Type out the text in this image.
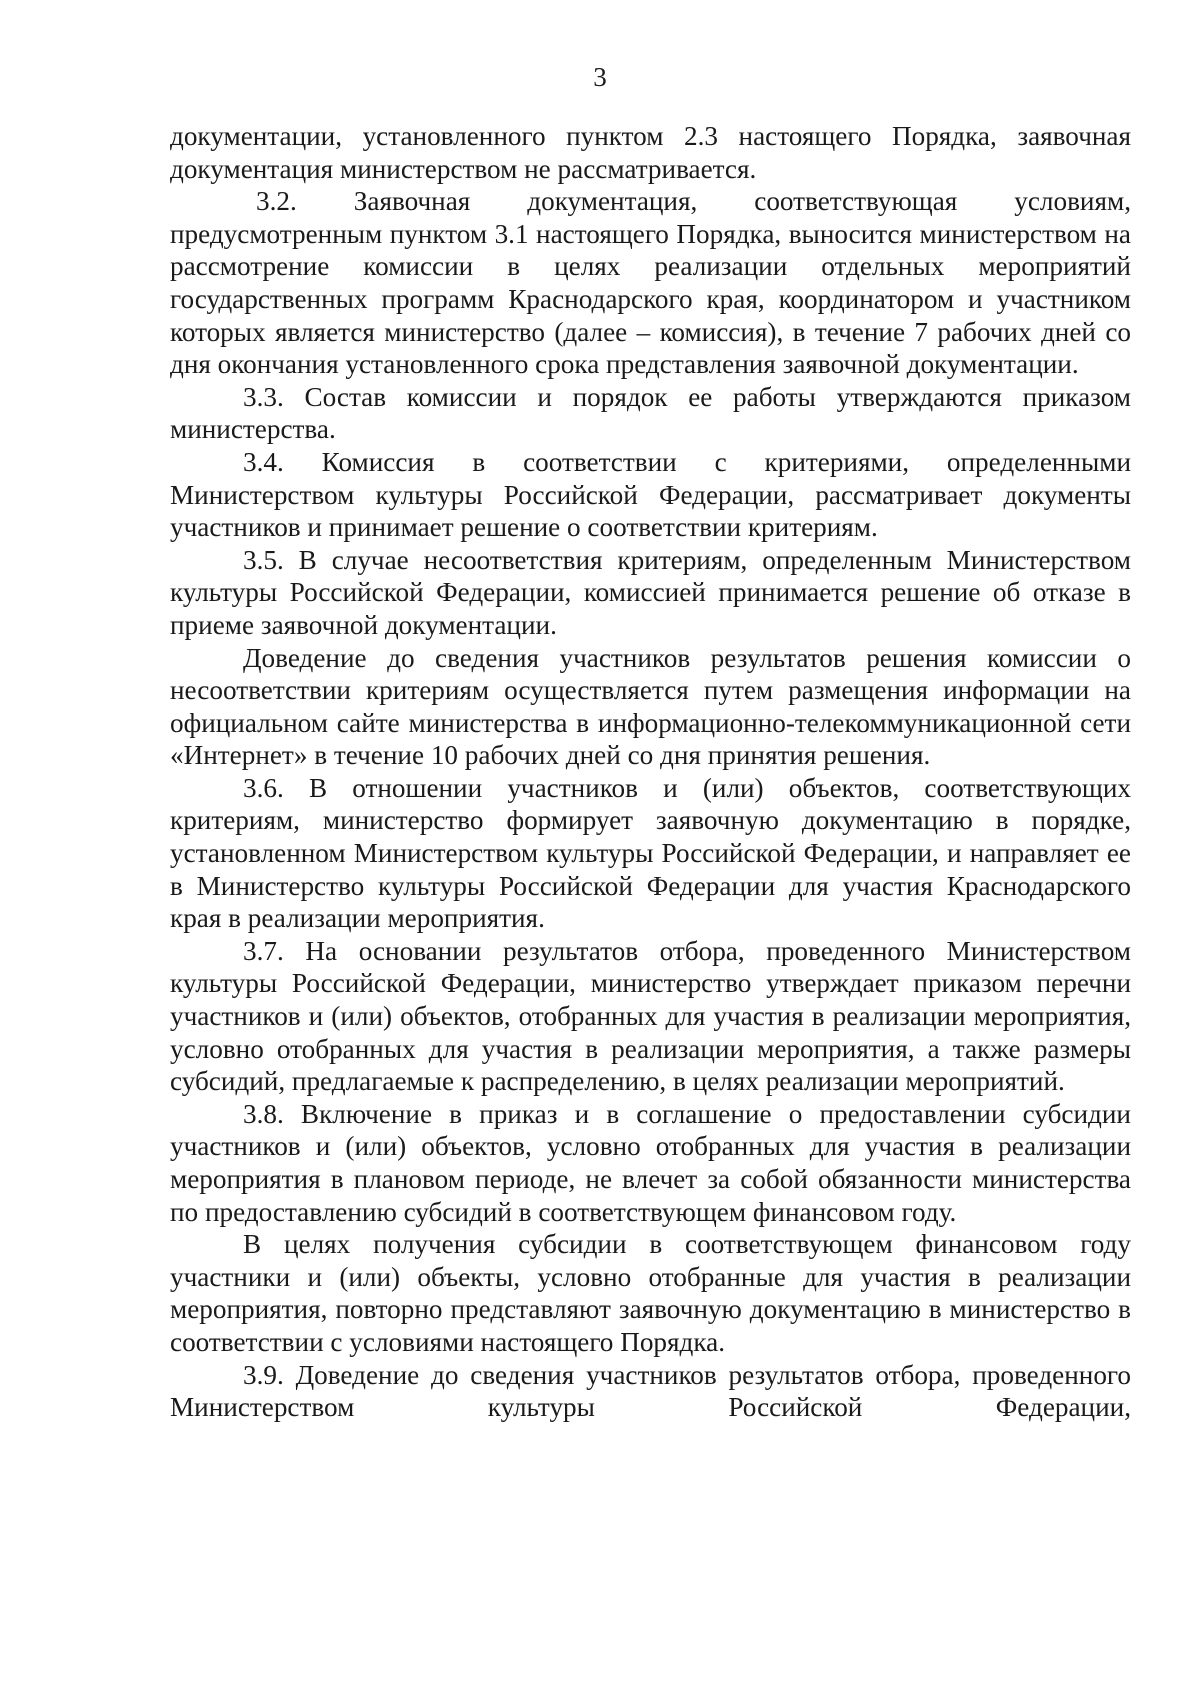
3

документации, установленного пунктом 2.3 настоящего Порядка, заявочная документация министерством не рассматривается.

3.2. Заявочная документация, соответствующая условиям, предусмотренным пунктом 3.1 настоящего Порядка, выносится министерством на рассмотрение комиссии в целях реализации отдельных мероприятий государственных программ Краснодарского края, координатором и участником которых является министерство (далее – комиссия), в течение 7 рабочих дней со дня окончания установленного срока представления заявочной документации.

3.3. Состав комиссии и порядок ее работы утверждаются приказом министерства.

3.4. Комиссия в соответствии с критериями, определенными Министерством культуры Российской Федерации, рассматривает документы участников и принимает решение о соответствии критериям.

3.5. В случае несоответствия критериям, определенным Министерством культуры Российской Федерации, комиссией принимается решение об отказе в приеме заявочной документации.

Доведение до сведения участников результатов решения комиссии о несоответствии критериям осуществляется путем размещения информации на официальном сайте министерства в информационно-телекоммуникационной сети «Интернет» в течение 10 рабочих дней со дня принятия решения.

3.6. В отношении участников и (или) объектов, соответствующих критериям, министерство формирует заявочную документацию в порядке, установленном Министерством культуры Российской Федерации, и направляет ее в Министерство культуры Российской Федерации для участия Краснодарского края в реализации мероприятия.

3.7. На основании результатов отбора, проведенного Министерством культуры Российской Федерации, министерство утверждает приказом перечни участников и (или) объектов, отобранных для участия в реализации мероприятия, условно отобранных для участия в реализации мероприятия, а также размеры субсидий, предлагаемые к распределению, в целях реализации мероприятий.

3.8. Включение в приказ и в соглашение о предоставлении субсидии участников и (или) объектов, условно отобранных для участия в реализации мероприятия в плановом периоде, не влечет за собой обязанности министерства по предоставлению субсидий в соответствующем финансовом году.

В целях получения субсидии в соответствующем финансовом году участники и (или) объекты, условно отобранные для участия в реализации мероприятия, повторно представляют заявочную документацию в министерство в соответствии с условиями настоящего Порядка.

3.9. Доведение до сведения участников результатов отбора, проведенного Министерством культуры Российской Федерации,
